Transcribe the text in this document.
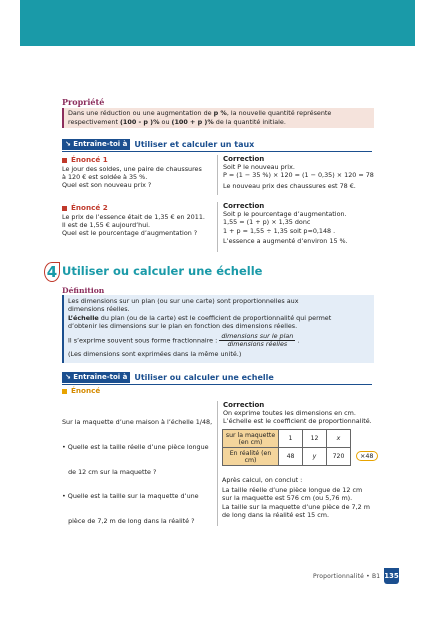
Propriété
Dans une réduction ou une augmentation de p %, la nouvelle quantité représente
respectivement (100 - p )% ou (100 + p )% de la quantité initiale.
↘ Entraîne-toi à Utiliser et calculer un taux
Énoncé 1
Le jour des soldes, une paire de chaussures
à 120 € est soldée à 35 %.
Quel est son nouveau prix ?
Correction
Soit P le nouveau prix.
P = (1 − 35 %) × 120 = (1 − 0,35) × 120 = 78
Le nouveau prix des chaussures est 78 €.
Énoncé 2
Le prix de l’essence était de 1,35 € en 2011.
Il est de 1,55 € aujourd’hui.
Quel est le pourcentage d’augmentation ?
Correction
Soit p le pourcentage d’augmentation.
1,55 = (1 + p) × 1,35 donc
1 + p = 1,55 ÷ 1,35 soit p≈0,148 .
L’essence a augmenté d’environ 15 %.
4 Utiliser ou calculer une échelle
Définition
Les dimensions sur un plan (ou sur une carte) sont proportionnelles aux
dimensions réelles.
L’échelle du plan (ou de la carte) est le coefficient de proportionnalité qui permet
d’obtenir les dimensions sur le plan en fonction des dimensions réelles.
Il s’exprime souvent sous forme fractionnaire : $\frac{\text{dimensions sur le plan}}{\text{dimensions réelles}}$ .
(Les dimensions sont exprimées dans la même unité.)
↘ Entraîne-toi à Utiliser ou calculer une echelle
Énoncé

Sur la maquette d’une maison à l’échelle 1/48,

• Quelle est la taille réelle d’une pièce longue

de 12 cm sur la maquette ?

• Quelle est la taille sur la maquette d’une

pièce de 7,2 m de long dans la réalité ?

Correction
On exprime toutes les dimensions en cm.
L’échelle est le coefficient de proportionnalité.
sur la maquette (en cm)	1	12	x
En réalité (en cm)	48	y	720	×48
Après calcul, on conclut :
La taille réelle d’une pièce longue de 12 cm
sur la maquette est 576 cm (ou 5,76 m).
La taille sur la maquette d’une pièce de 7,2 m
de long dans la réalité est 15 cm.
Proportionnalité • B1 135
